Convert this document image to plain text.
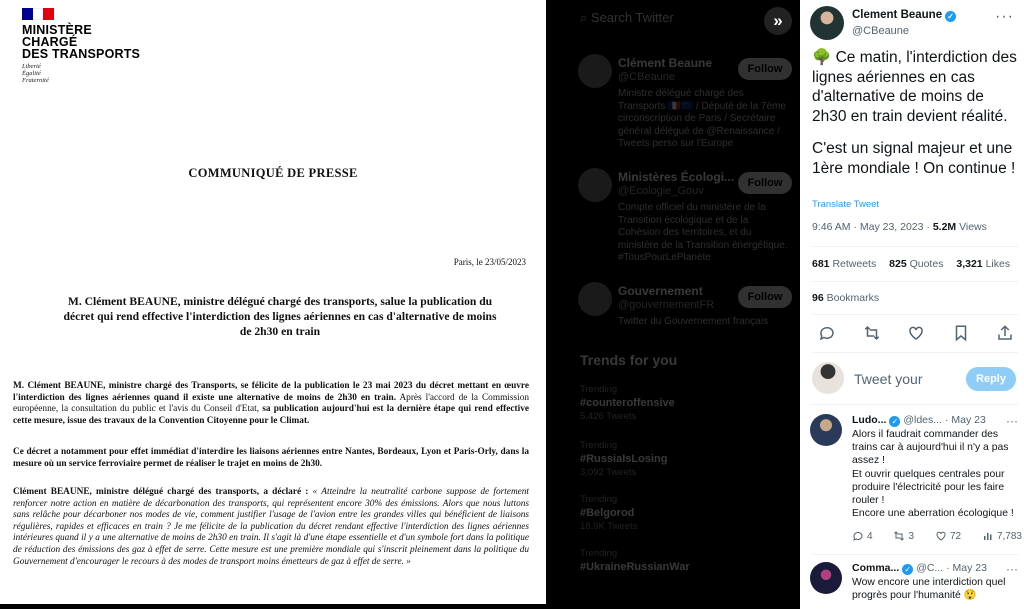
MINISTÈRE
CHARGÉ
DES TRANSPORTS
Liberté
Égalité
Fraternité
COMMUNIQUÉ DE PRESSE
Paris, le 23/05/2023
M. Clément BEAUNE, ministre délégué chargé des transports, salue la publication du décret qui rend effective l'interdiction des lignes aériennes en cas d'alternative de moins de 2h30 en train
M. Clément BEAUNE, ministre chargé des Transports, se félicite de la publication le 23 mai 2023 du décret mettant en œuvre l'interdiction des lignes aériennes quand il existe une alternative de moins de 2h30 en train. Après l'accord de la Commission européenne, la consultation du public et l'avis du Conseil d'Etat, sa publication aujourd'hui est la dernière étape qui rend effective cette mesure, issue des travaux de la Convention Citoyenne pour le Climat.
Ce décret a notamment pour effet immédiat d'interdire les liaisons aériennes entre Nantes, Bordeaux, Lyon et Paris-Orly, dans la mesure où un service ferroviaire permet de réaliser le trajet en moins de 2h30.
Clément BEAUNE, ministre délégué chargé des transports, a déclaré : « Atteindre la neutralité carbone suppose de fortement renforcer notre action en matière de décarbonation des transports, qui représentent encore 30% des émissions. Alors que nous luttons sans relâche pour décarboner nos modes de vie, comment justifier l'usage de l'avion entre les grandes villes qui bénéficient de liaisons régulières, rapides et efficaces en train ? Je me félicite de la publication du décret rendant effective l'interdiction des lignes aériennes intérieures quand il y a une alternative de moins de 2h30 en train. Il s'agit là d'une étape essentielle et d'un symbole fort dans la politique de réduction des émissions des gaz à effet de serre. Cette mesure est une première mondiale qui s'inscrit pleinement dans la politique du Gouvernement d'encourager le recours à des modes de transport moins émetteurs de gaz à effet de serre. »
⌕ Search Twitter
Clément Beaune
@CBeaune
Follow
Ministre délégué chargé des Transports 🇫🇷🇪🇺 / Député de la 7ème circonscription de Paris / Secrétaire général délégué de @Renaissance / Tweets perso sur l'Europe
Ministères Écologi...
@Ecologie_Gouv
Follow
Compte officiel du ministère de la Transition écologique et de la Cohésion des territoires, et du ministère de la Transition énergétique. #TousPourLePlanète
Gouvernement
@gouvernementFR
Follow
Twitter du Gouvernement français
Trends for you
Trending
#counteroffensive
5,426 Tweets
Trending
#RussiaIsLosing
3,092 Tweets
Trending
#Belgorod
18.9K Tweets
Trending
#UkraineRussianWar
»	Clement Beaune ✓
@CBeaune
···

🌳 Ce matin, l'interdiction des lignes aériennes en cas d'alternative de moins de 2h30 en train devient réalité.

C'est un signal majeur et une 1ère mondiale ! On continue !

Translate Tweet
9:46 AM · May 23, 2023 · 5.2M Views
681 Retweets 825 Quotes 3,321 Likes
96 Bookmarks
Tweet your	Reply
Ludo... ✓ @ldes... · May 23 ···
Alors il faudrait commander des trains car à aujourd'hui il n'y a pas assez !
Et ouvrir quelques centrales pour produire l'électricité pour les faire rouler !
Encore une aberration écologique !
4	3	72	7,783
Comma... ✓ @C... · May 23 ···
Wow encore une interdiction quel progrès pour l'humanité 😲
